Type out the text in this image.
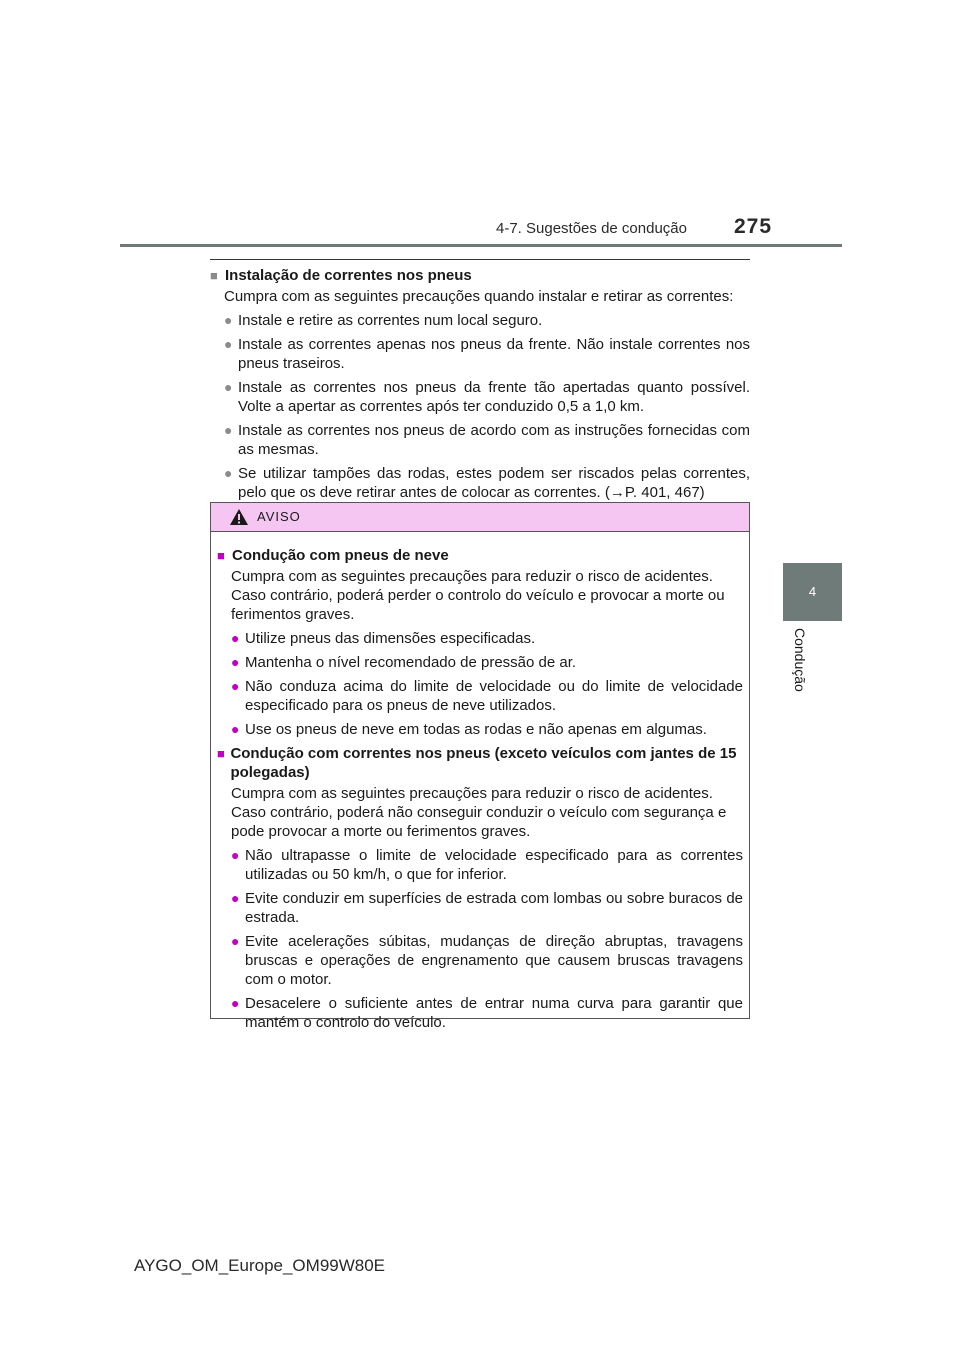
4-7. Sugestões de condução 275
4
Condução
■ Instalação de correntes nos pneus
Cumpra com as seguintes precauções quando instalar e retirar as correntes:
● Instale e retire as correntes num local seguro.
● Instale as correntes apenas nos pneus da frente. Não instale correntes nos pneus traseiros.
● Instale as correntes nos pneus da frente tão apertadas quanto possível. Volte a apertar as correntes após ter conduzido 0,5 a 1,0 km.
● Instale as correntes nos pneus de acordo com as instruções fornecidas com as mesmas.
● Se utilizar tampões das rodas, estes podem ser riscados pelas correntes, pelo que os deve retirar antes de colocar as correntes. (→P. 401, 467)
AVISO
■ Condução com pneus de neve
Cumpra com as seguintes precauções para reduzir o risco de acidentes. Caso contrário, poderá perder o controlo do veículo e provocar a morte ou ferimentos graves.
● Utilize pneus das dimensões especificadas.
● Mantenha o nível recomendado de pressão de ar.
● Não conduza acima do limite de velocidade ou do limite de velocidade especificado para os pneus de neve utilizados.
● Use os pneus de neve em todas as rodas e não apenas em algumas.
■ Condução com correntes nos pneus (exceto veículos com jantes de 15 polegadas)
Cumpra com as seguintes precauções para reduzir o risco de acidentes. Caso contrário, poderá não conseguir conduzir o veículo com segurança e pode provocar a morte ou ferimentos graves.
● Não ultrapasse o limite de velocidade especificado para as correntes utilizadas ou 50 km/h, o que for inferior.
● Evite conduzir em superfícies de estrada com lombas ou sobre buracos de estrada.
● Evite acelerações súbitas, mudanças de direção abruptas, travagens bruscas e operações de engrenamento que causem bruscas travagens com o motor.
● Desacelere o suficiente antes de entrar numa curva para garantir que mantém o controlo do veículo.
AYGO_OM_Europe_OM99W80E
